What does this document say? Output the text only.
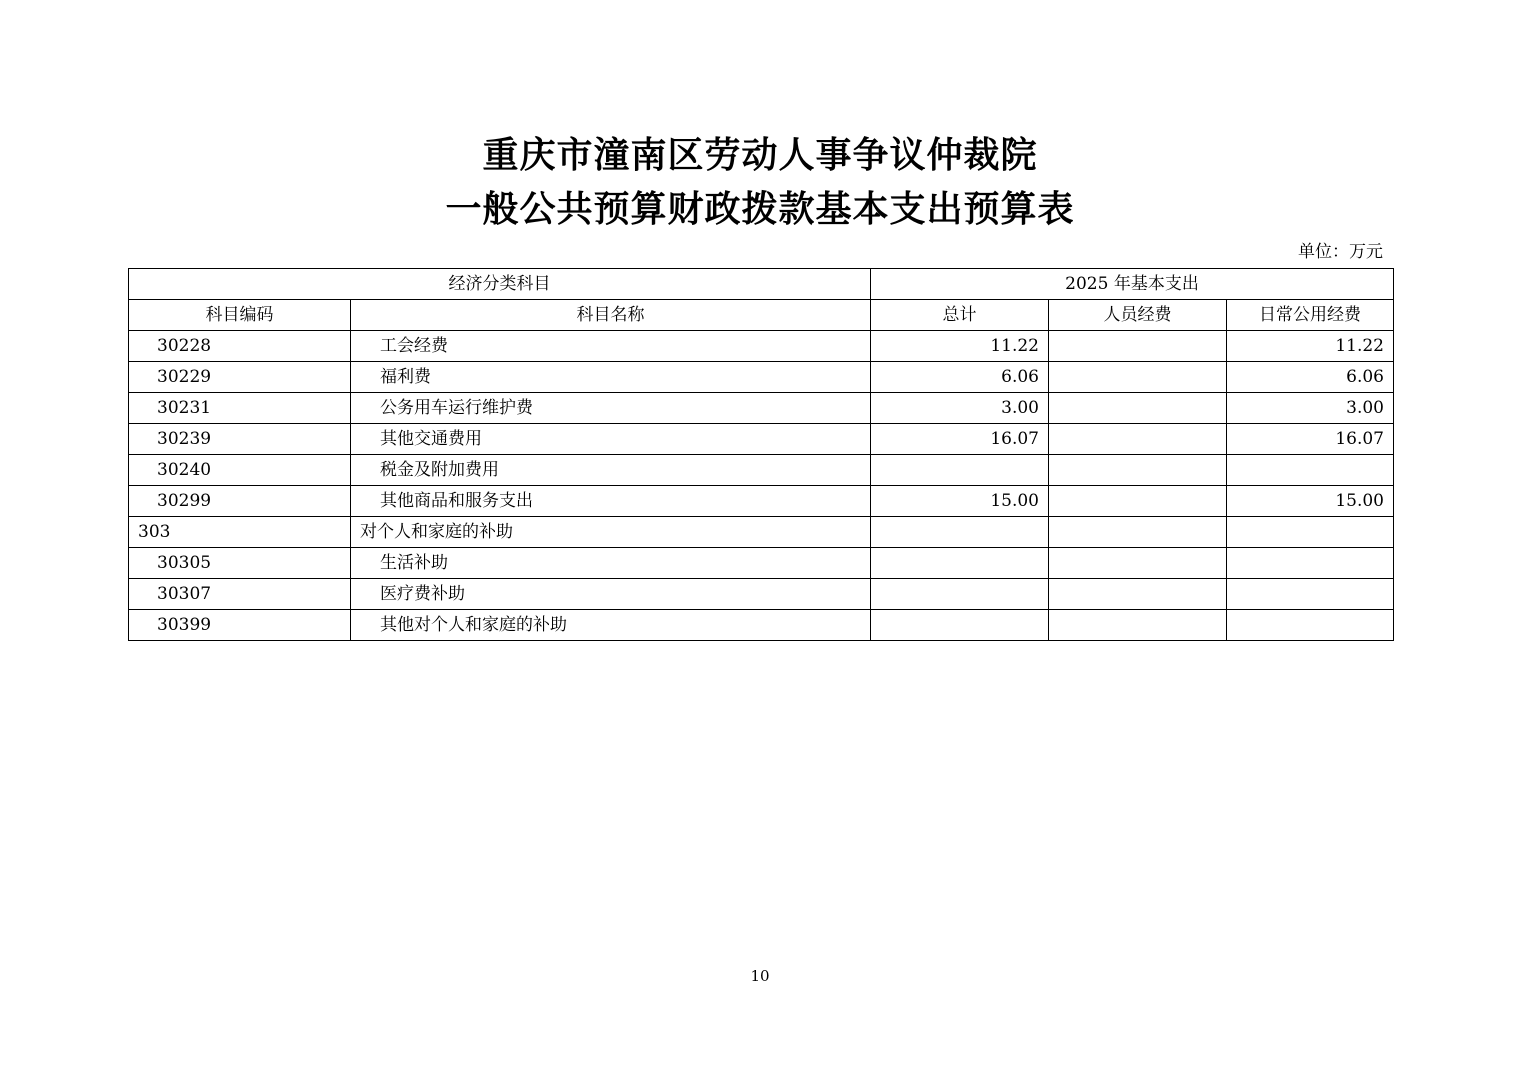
重庆市潼南区劳动人事争议仲裁院
一般公共预算财政拨款基本支出预算表
单位：万元
经济分类科目		2025 年基本支出		
科目编码	科目名称	总计	人员经费	日常公用经费
30228	工会经费	11.22		11.22
30229	福利费	6.06		6.06
30231	公务用车运行维护费	3.00		3.00
30239	其他交通费用	16.07		16.07
30240	税金及附加费用			
30299	其他商品和服务支出	15.00		15.00
303	对个人和家庭的补助			
30305	生活补助			
30307	医疗费补助			
30399	其他对个人和家庭的补助			
10
